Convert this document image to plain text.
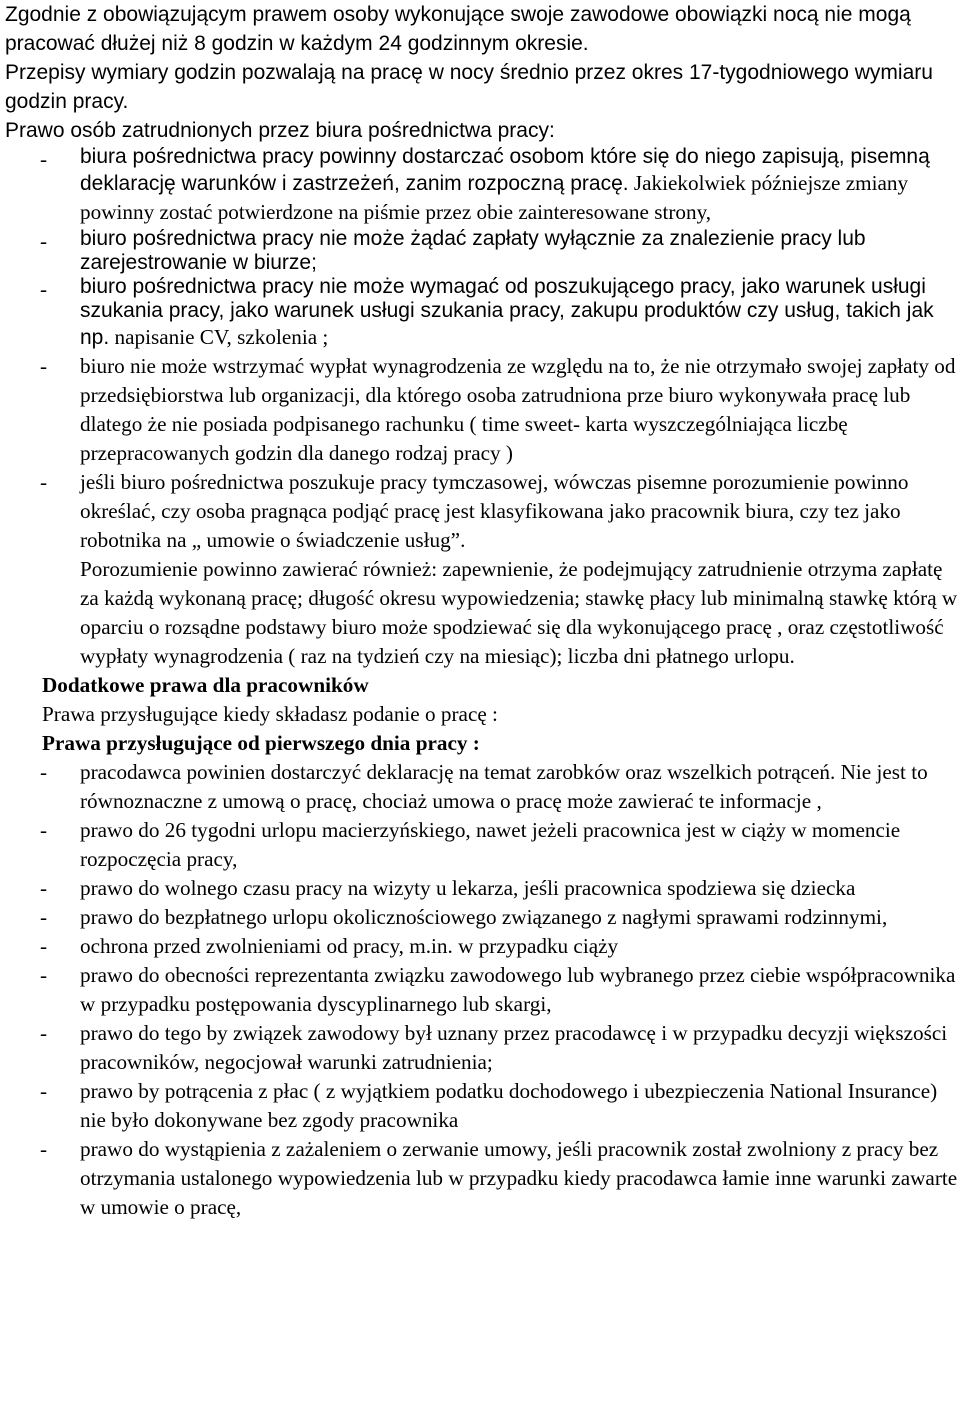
Zgodnie z obowiązującym prawem osoby wykonujące swoje zawodowe obowiązki nocą nie mogą pracować dłużej niż 8 godzin w każdym 24 godzinnym okresie.

Przepisy wymiary godzin pozwalają na pracę w nocy średnio przez okres 17-tygodniowego wymiaru godzin pracy.

Prawo osób zatrudnionych przez biura pośrednictwa pracy:

- biura pośrednictwa pracy powinny dostarczać osobom które się do niego zapisują, pisemną deklarację warunków i zastrzeżeń, zanim rozpoczną pracę. Jakiekolwiek późniejsze zmiany powinny zostać potwierdzone na piśmie przez obie zainteresowane strony,
- biuro pośrednictwa pracy nie może żądać zapłaty wyłącznie za znalezienie pracy lub zarejestrowanie w biurze;
- biuro pośrednictwa pracy nie może wymagać od poszukującego pracy, jako warunek usługi szukania pracy, jako warunek usługi szukania pracy, zakupu produktów czy usług, takich jak np. napisanie CV, szkolenia ;
- biuro nie może wstrzymać wypłat wynagrodzenia ze względu na to, że nie otrzymało swojej zapłaty od przedsiębiorstwa lub organizacji, dla którego osoba zatrudniona prze biuro wykonywała pracę lub dlatego że nie posiada podpisanego rachunku ( time sweet- karta wyszczególniająca liczbę przepracowanych godzin dla danego rodzaj pracy )
- jeśli biuro pośrednictwa poszukuje pracy tymczasowej, wówczas pisemne porozumienie powinno określać, czy osoba pragnąca podjąć pracę jest klasyfikowana jako pracownik biura, czy tez jako robotnika na „ umowie o świadczenie usług”.

Porozumienie powinno zawierać również: zapewnienie, że podejmujący zatrudnienie otrzyma zapłatę za każdą wykonaną pracę; długość okresu wypowiedzenia; stawkę płacy lub minimalną stawkę którą w oparciu o rozsądne podstawy biuro może spodziewać się dla wykonującego pracę , oraz częstotliwość wypłaty wynagrodzenia ( raz na tydzień czy na miesiąc); liczba dni płatnego urlopu.

Dodatkowe prawa dla pracowników

Prawa przysługujące kiedy składasz podanie o pracę :

Prawa przysługujące od pierwszego dnia pracy :

- pracodawca powinien dostarczyć deklarację na temat zarobków oraz wszelkich potrąceń. Nie jest to równoznaczne z umową o pracę, chociaż umowa o pracę może zawierać te informacje ,
- prawo do 26 tygodni urlopu macierzyńskiego, nawet jeżeli pracownica jest w ciąży w momencie rozpoczęcia pracy,
- prawo do wolnego czasu pracy na wizyty u lekarza, jeśli pracownica spodziewa się dziecka
- prawo do bezpłatnego urlopu okolicznościowego związanego z nagłymi sprawami rodzinnymi,
- ochrona przed zwolnieniami od pracy, m.in. w przypadku ciąży
- prawo do obecności reprezentanta związku zawodowego lub wybranego przez ciebie współpracownika w przypadku postępowania dyscyplinarnego lub skargi,
- prawo do tego by związek zawodowy był uznany przez pracodawcę i w przypadku decyzji większości pracowników, negocjował warunki zatrudnienia;
- prawo by potrącenia z płac ( z wyjątkiem podatku dochodowego i ubezpieczenia National Insurance) nie było dokonywane bez zgody pracownika
- prawo do wystąpienia z zażaleniem o zerwanie umowy, jeśli pracownik został zwolniony z pracy bez otrzymania ustalonego wypowiedzenia lub w przypadku kiedy pracodawca łamie inne warunki zawarte w umowie o pracę,
